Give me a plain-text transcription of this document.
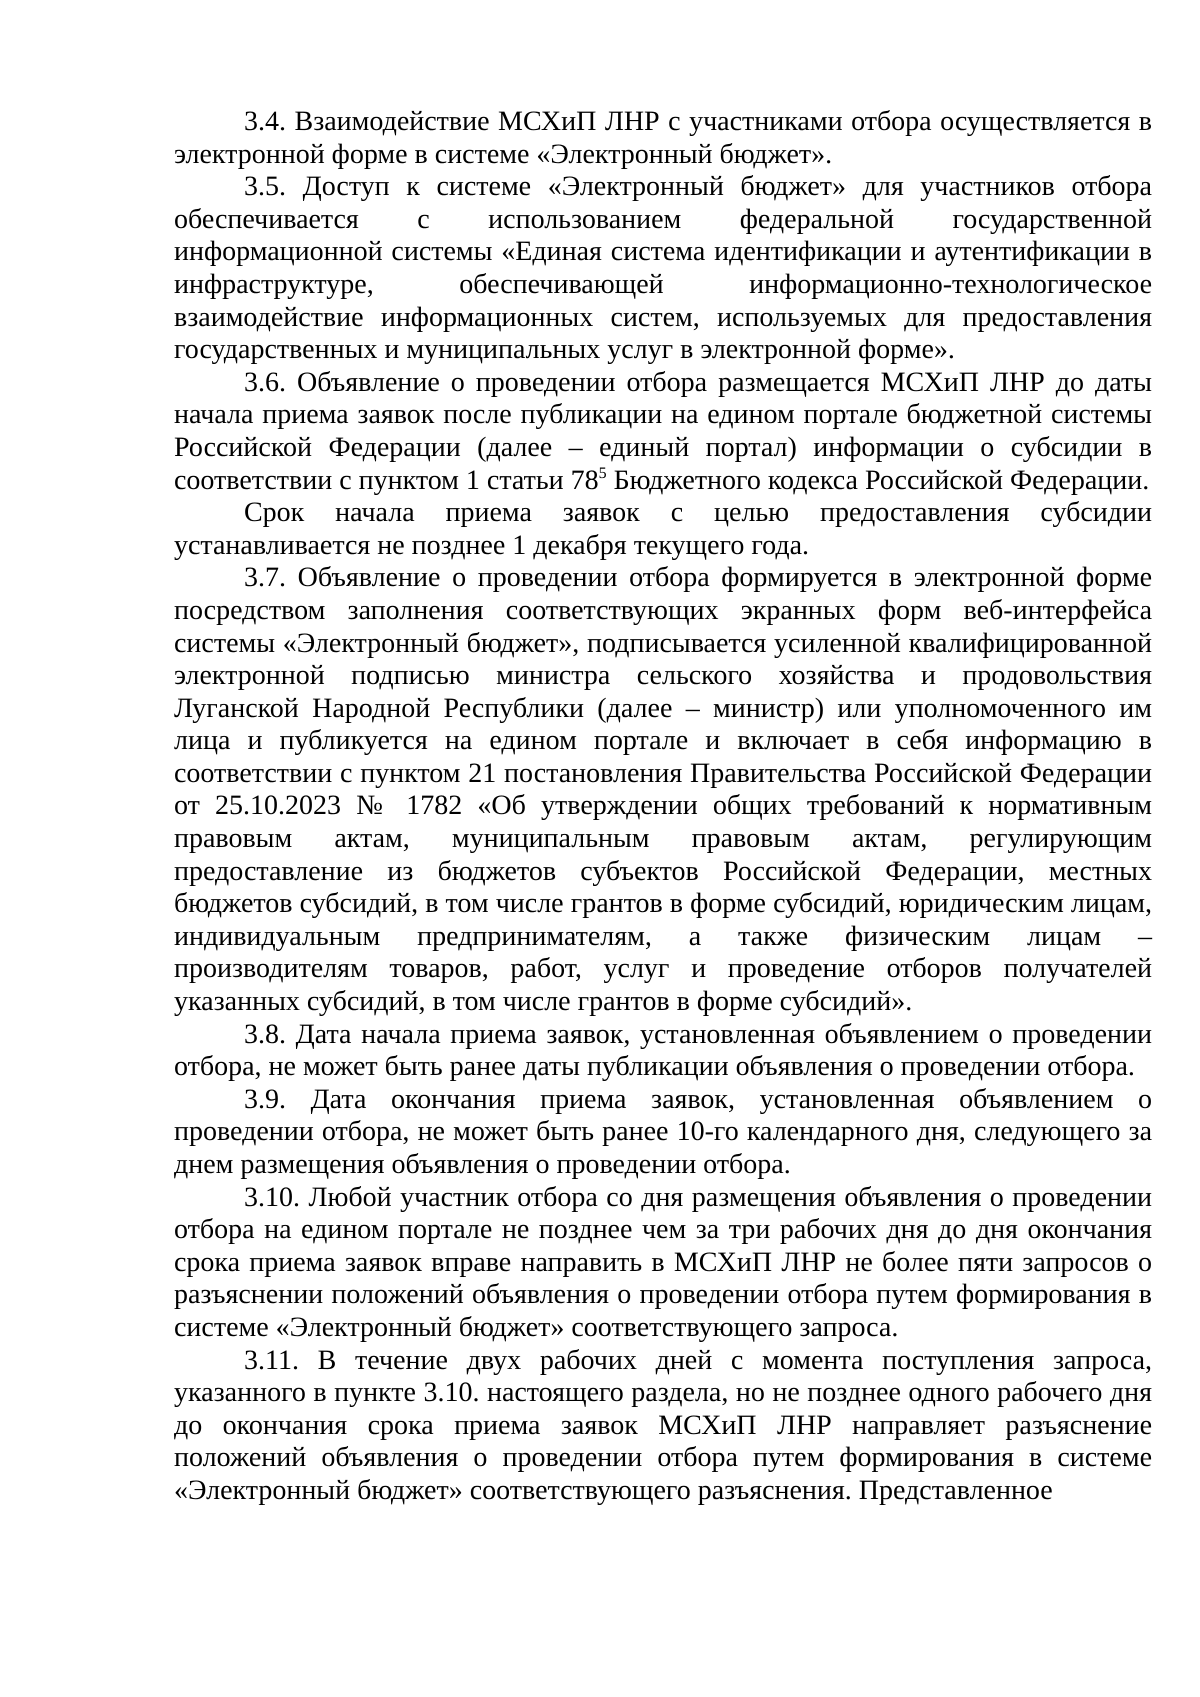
3.4. Взаимодействие МСХиП ЛНР с участниками отбора осуществляется в электронной форме в системе «Электронный бюджет».

3.5. Доступ к системе «Электронный бюджет» для участников отбора обеспечивается с использованием федеральной государственной информационной системы «Единая система идентификации и аутентификации в инфраструктуре, обеспечивающей информационно-технологическое взаимодействие информационных систем, используемых для предоставления государственных и муниципальных услуг в электронной форме».

3.6. Объявление о проведении отбора размещается МСХиП ЛНР до даты начала приема заявок после публикации на едином портале бюджетной системы Российской Федерации (далее – единый портал) информации о субсидии в соответствии с пунктом 1 статьи $78^5$ Бюджетного кодекса Российской Федерации.

Срок начала приема заявок с целью предоставления субсидии устанавливается не позднее 1 декабря текущего года.

3.7. Объявление о проведении отбора формируется в электронной форме посредством заполнения соответствующих экранных форм веб-интерфейса системы «Электронный бюджет», подписывается усиленной квалифицированной электронной подписью министра сельского хозяйства и продовольствия Луганской Народной Республики (далее – министр) или уполномоченного им лица и публикуется на едином портале и включает в себя информацию в соответствии с пунктом 21 постановления Правительства Российской Федерации от 25.10.2023 № 1782 «Об утверждении общих требований к нормативным правовым актам, муниципальным правовым актам, регулирующим предоставление из бюджетов субъектов Российской Федерации, местных бюджетов субсидий, в том числе грантов в форме субсидий, юридическим лицам, индивидуальным предпринимателям, а также физическим лицам – производителям товаров, работ, услуг и проведение отборов получателей указанных субсидий, в том числе грантов в форме субсидий».

3.8. Дата начала приема заявок, установленная объявлением о проведении отбора, не может быть ранее даты публикации объявления о проведении отбора.

3.9. Дата окончания приема заявок, установленная объявлением о проведении отбора, не может быть ранее 10-го календарного дня, следующего за днем размещения объявления о проведении отбора.

3.10. Любой участник отбора со дня размещения объявления о проведении отбора на едином портале не позднее чем за три рабочих дня до дня окончания срока приема заявок вправе направить в МСХиП ЛНР не более пяти запросов о разъяснении положений объявления о проведении отбора путем формирования в системе «Электронный бюджет» соответствующего запроса.

3.11. В течение двух рабочих дней с момента поступления запроса, указанного в пункте 3.10. настоящего раздела, но не позднее одного рабочего дня до окончания срока приема заявок МСХиП ЛНР направляет разъяснение положений объявления о проведении отбора путем формирования в системе «Электронный бюджет» соответствующего разъяснения. Представленное
